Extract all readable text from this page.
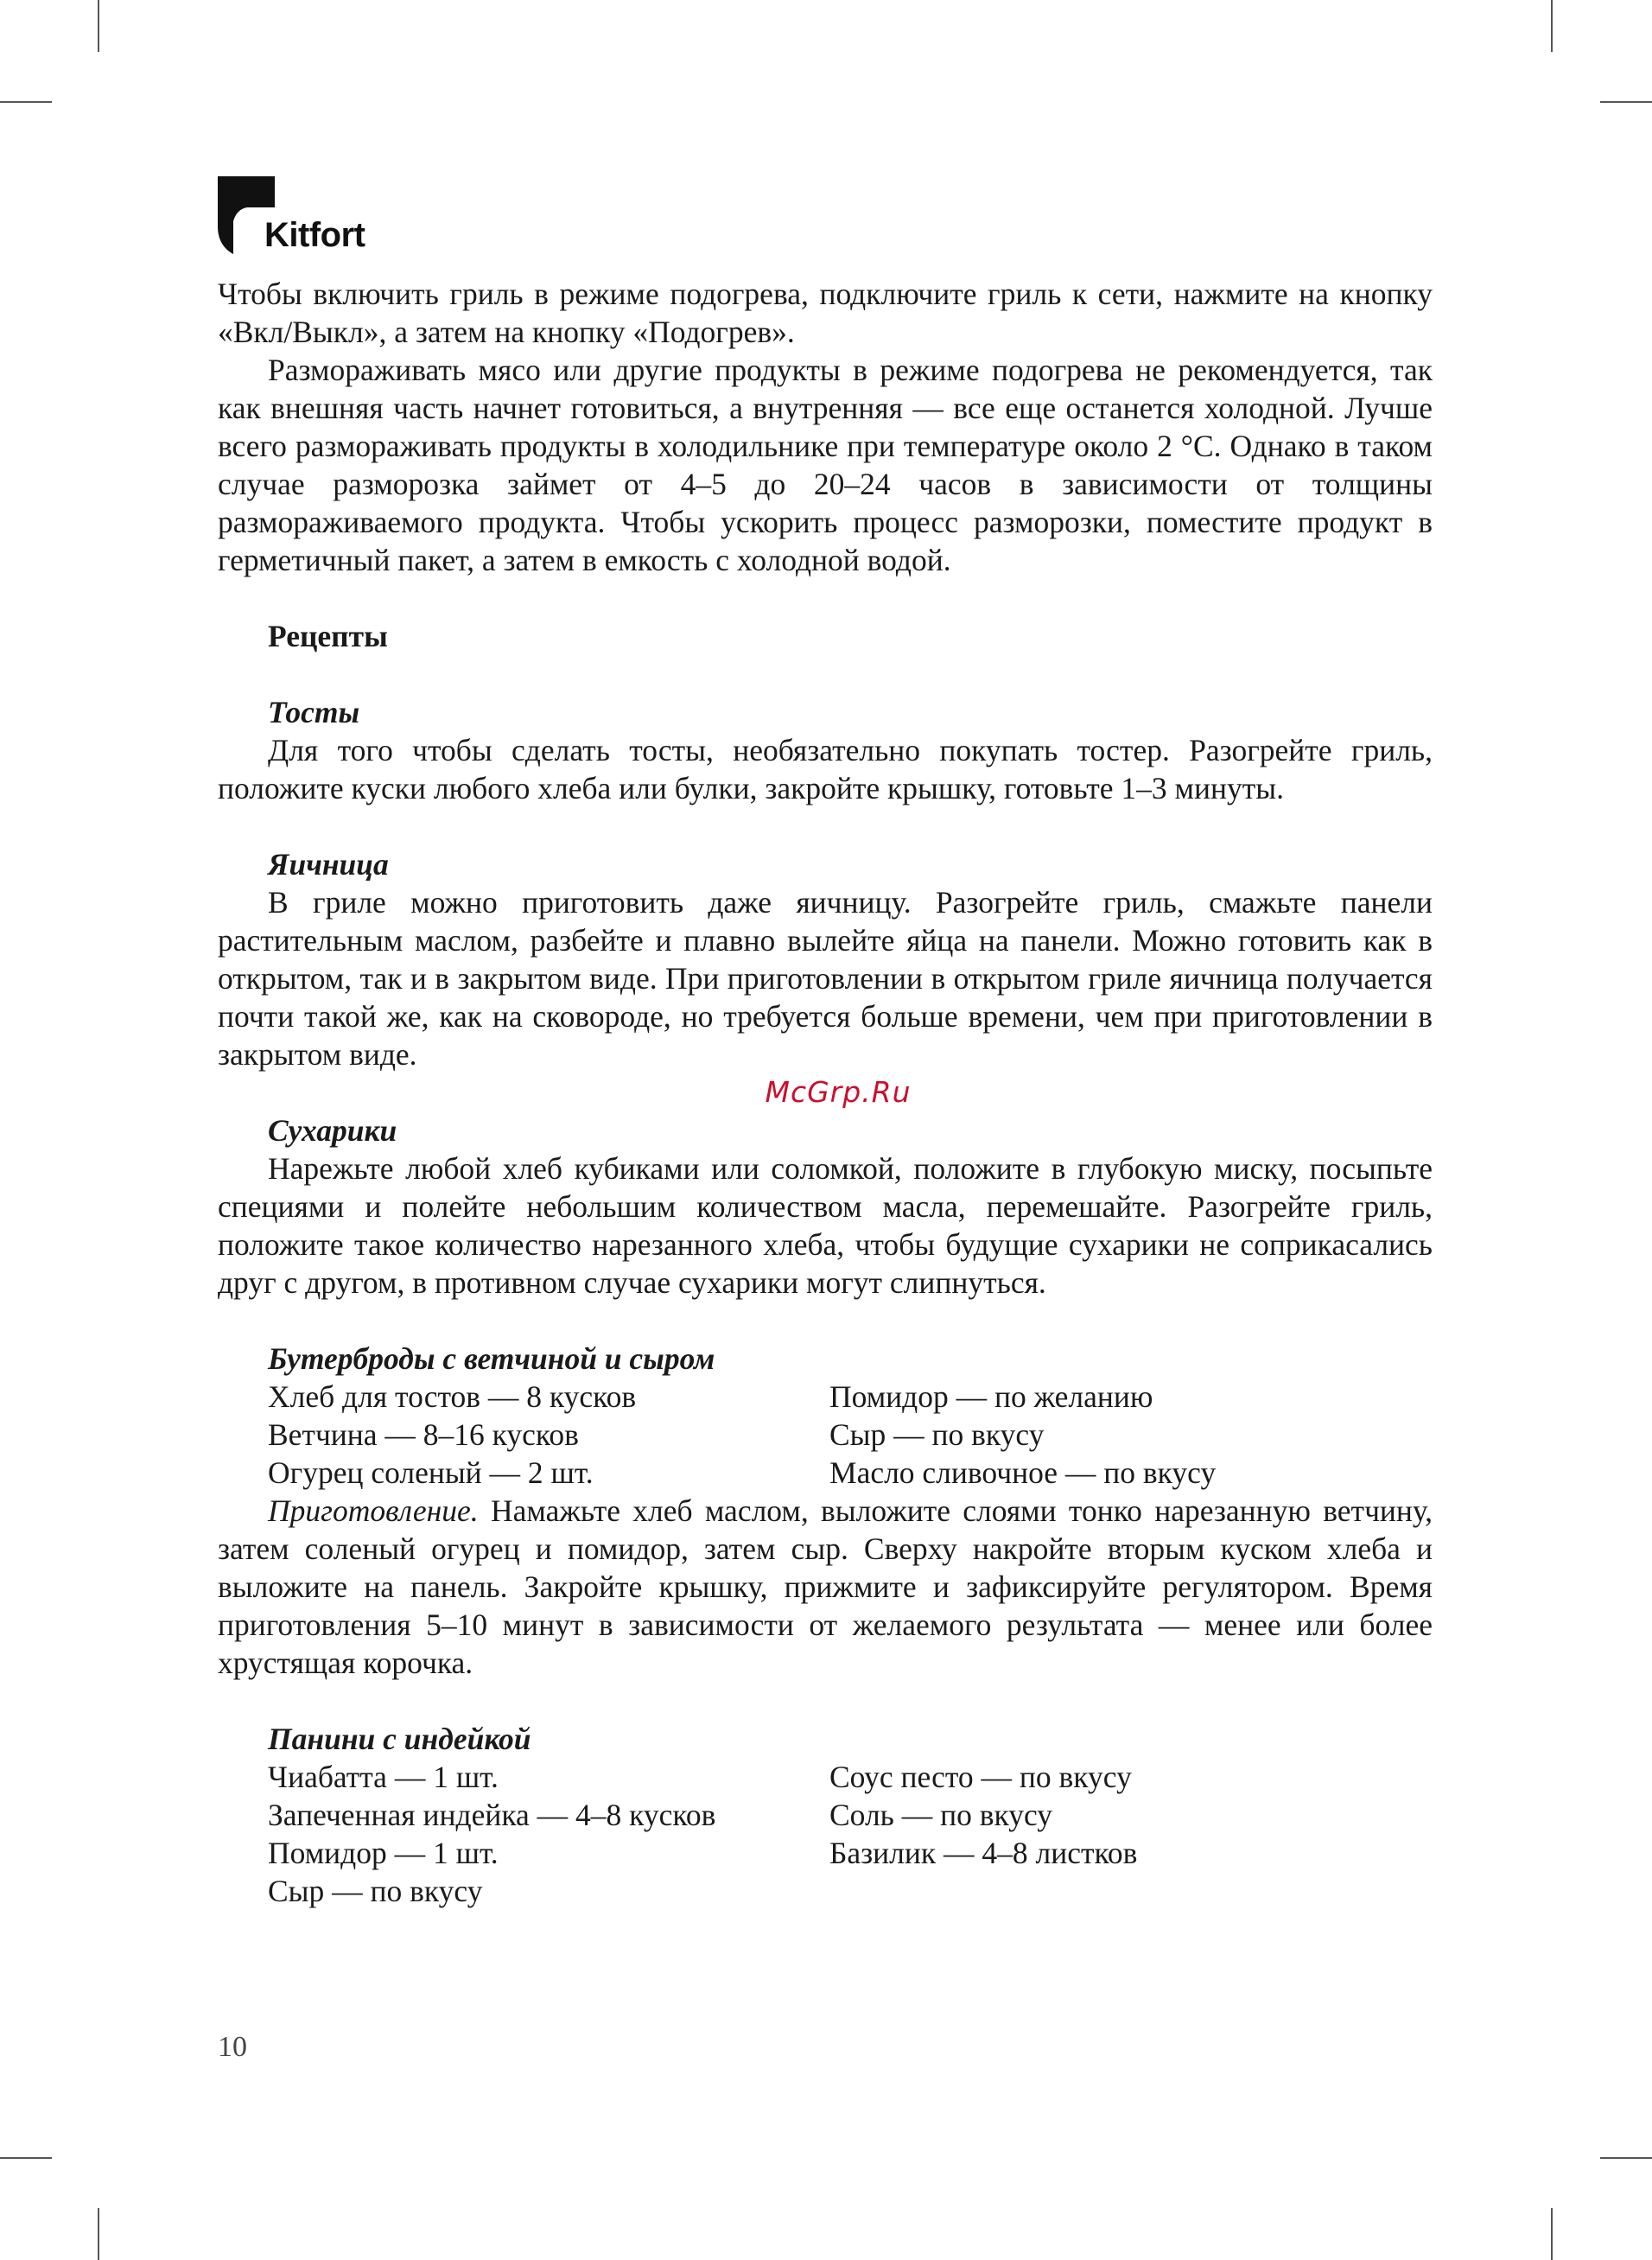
Kitfort

Чтобы включить гриль в режиме подогрева, подключите гриль к сети, нажмите на кнопку «Вкл/Выкл», а затем на кнопку «Подогрев».

Размораживать мясо или другие продукты в режиме подогрева не рекомендуется, так как внешняя часть начнет готовиться, а внутренняя — все еще останется холодной. Лучше всего размораживать продукты в холодильнике при температуре около 2 °C. Однако в таком случае разморозка займет от 4–5 до 20–24 часов в зависимости от толщины размораживаемого продукта. Чтобы ускорить процесс разморозки, поместите продукт в герметичный пакет, а затем в емкость с холодной водой.

Рецепты

Тосты

Для того чтобы сделать тосты, необязательно покупать тостер. Разогрейте гриль, положите куски любого хлеба или булки, закройте крышку, готовьте 1–3 минуты.

Яичница

В гриле можно приготовить даже яичницу. Разогрейте гриль, смажьте панели растительным маслом, разбейте и плавно вылейте яйца на панели. Можно готовить как в открытом, так и в закрытом виде. При приготовлении в открытом гриле яичница получается почти такой же, как на сковороде, но требуется больше времени, чем при приготовлении в закрытом виде.

McGrp.Ru

Сухарики

Нарежьте любой хлеб кубиками или соломкой, положите в глубокую миску, посыпьте специями и полейте небольшим количеством масла, перемешайте. Разогрейте гриль, положите такое количество нарезанного хлеба, чтобы будущие сухарики не соприкасались друг с другом, в противном случае сухарики могут слипнуться.

Бутерброды с ветчиной и сыром

Хлеб для тостов — 8 кусков	Помидор — по желанию
Ветчина — 8–16 кусков	Сыр — по вкусу
Огурец соленый — 2 шт.	Масло сливочное — по вкусу

Приготовление. Намажьте хлеб маслом, выложите слоями тонко нарезанную ветчину, затем соленый огурец и помидор, затем сыр. Сверху накройте вторым куском хлеба и выложите на панель. Закройте крышку, прижмите и зафиксируйте регулятором. Время приготовления 5–10 минут в зависимости от желаемого результата — менее или более хрустящая корочка.

Панини с индейкой

Чиабатта — 1 шт.	Соус песто — по вкусу
Запеченная индейка — 4–8 кусков	Соль — по вкусу
Помидор — 1 шт.	Базилик — 4–8 листков
Сыр — по вкусу
10
